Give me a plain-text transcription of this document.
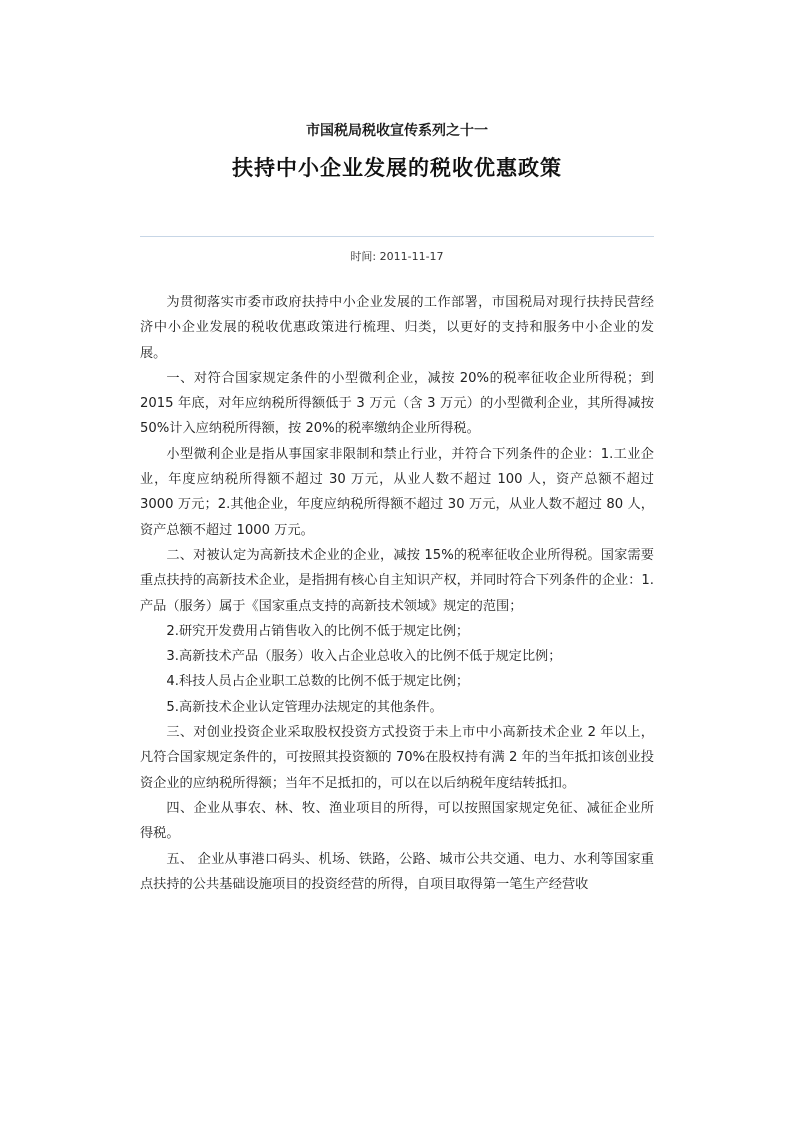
市国税局税收宣传系列之十一
扶持中小企业发展的税收优惠政策
时间: 2011-11-17

为贯彻落实市委市政府扶持中小企业发展的工作部署，市国税局对现行扶持民营经济中小企业发展的税收优惠政策进行梳理、归类，以更好的支持和服务中小企业的发展。

一、对符合国家规定条件的小型微利企业，减按 20%的税率征收企业所得税；到 2015 年底，对年应纳税所得额低于 3 万元（含 3 万元）的小型微利企业，其所得减按 50%计入应纳税所得额，按 20%的税率缴纳企业所得税。

小型微利企业是指从事国家非限制和禁止行业，并符合下列条件的企业：1.工业企业，年度应纳税所得额不超过 30 万元，从业人数不超过 100 人，资产总额不超过 3000 万元；2.其他企业，年度应纳税所得额不超过 30 万元，从业人数不超过 80 人，资产总额不超过 1000 万元。

二、对被认定为高新技术企业的企业，减按 15%的税率征收企业所得税。国家需要重点扶持的高新技术企业，是指拥有核心自主知识产权，并同时符合下列条件的企业：1.产品（服务）属于《国家重点支持的高新技术领域》规定的范围；

2.研究开发费用占销售收入的比例不低于规定比例；

3.高新技术产品（服务）收入占企业总收入的比例不低于规定比例；

4.科技人员占企业职工总数的比例不低于规定比例；

5.高新技术企业认定管理办法规定的其他条件。

三、对创业投资企业采取股权投资方式投资于未上市中小高新技术企业 2 年以上，凡符合国家规定条件的，可按照其投资额的 70%在股权持有满 2 年的当年抵扣该创业投资企业的应纳税所得额；当年不足抵扣的，可以在以后纳税年度结转抵扣。

四、企业从事农、林、牧、渔业项目的所得，可以按照国家规定免征、减征企业所得税。

五、 企业从事港口码头、机场、铁路，公路、城市公共交通、电力、水利等国家重点扶持的公共基础设施项目的投资经营的所得，自项目取得第一笔生产经营收
